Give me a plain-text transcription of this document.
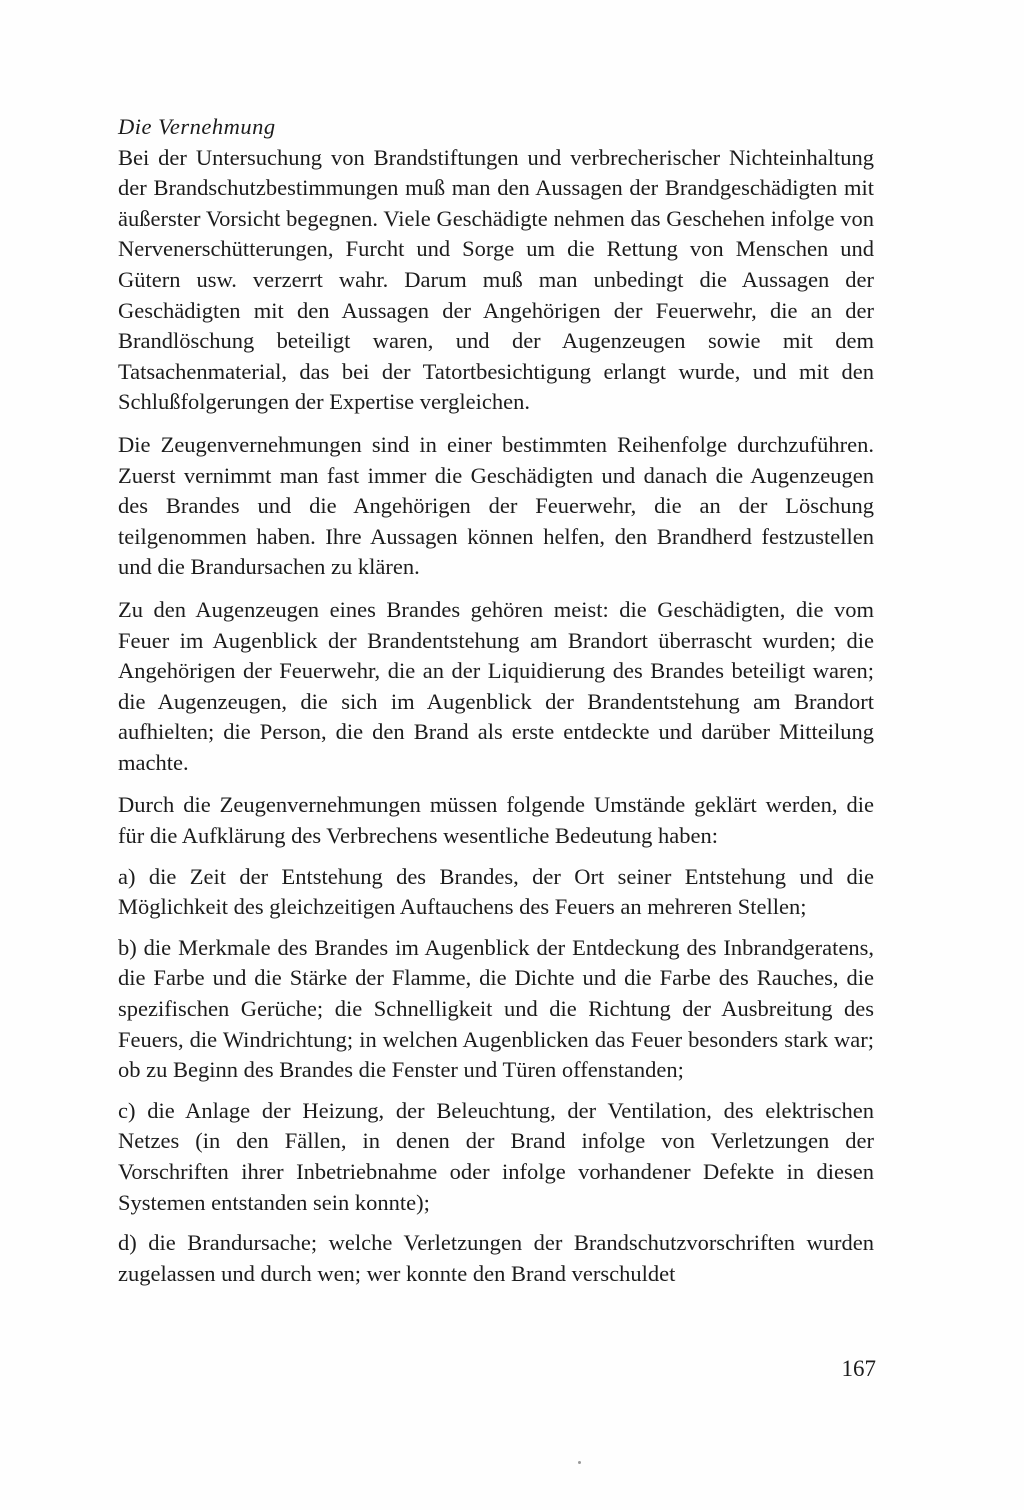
Die Vernehmung

Bei der Untersuchung von Brandstiftungen und verbrecherischer Nichteinhaltung der Brandschutzbestimmungen muß man den Aussagen der Brandgeschädigten mit äußerster Vorsicht begegnen. Viele Geschädigte nehmen das Geschehen infolge von Nervenerschütterungen, Furcht und Sorge um die Rettung von Menschen und Gütern usw. verzerrt wahr. Darum muß man unbedingt die Aussagen der Geschädigten mit den Aussagen der Angehörigen der Feuerwehr, die an der Brandlöschung beteiligt waren, und der Augenzeugen sowie mit dem Tatsachenmaterial, das bei der Tatortbesichtigung erlangt wurde, und mit den Schlußfolgerungen der Expertise vergleichen.

Die Zeugenvernehmungen sind in einer bestimmten Reihenfolge durchzuführen. Zuerst vernimmt man fast immer die Geschädigten und danach die Augenzeugen des Brandes und die Angehörigen der Feuerwehr, die an der Löschung teilgenommen haben. Ihre Aussagen können helfen, den Brandherd festzustellen und die Brandursachen zu klären.

Zu den Augenzeugen eines Brandes gehören meist: die Geschädigten, die vom Feuer im Augenblick der Brandentstehung am Brandort überrascht wurden; die Angehörigen der Feuerwehr, die an der Liquidierung des Brandes beteiligt waren; die Augenzeugen, die sich im Augenblick der Brandentstehung am Brandort aufhielten; die Person, die den Brand als erste entdeckte und darüber Mitteilung machte.

Durch die Zeugenvernehmungen müssen folgende Umstände geklärt werden, die für die Aufklärung des Verbrechens wesentliche Bedeutung haben:

a) die Zeit der Entstehung des Brandes, der Ort seiner Entstehung und die Möglichkeit des gleichzeitigen Auftauchens des Feuers an mehreren Stellen;

b) die Merkmale des Brandes im Augenblick der Entdeckung des Inbrandgeratens, die Farbe und die Stärke der Flamme, die Dichte und die Farbe des Rauches, die spezifischen Gerüche; die Schnelligkeit und die Richtung der Ausbreitung des Feuers, die Windrichtung; in welchen Augenblicken das Feuer besonders stark war; ob zu Beginn des Brandes die Fenster und Türen offenstanden;

c) die Anlage der Heizung, der Beleuchtung, der Ventilation, des elektrischen Netzes (in den Fällen, in denen der Brand infolge von Verletzungen der Vorschriften ihrer Inbetriebnahme oder infolge vorhandener Defekte in diesen Systemen entstanden sein konnte);

d) die Brandursache; welche Verletzungen der Brandschutzvorschriften wurden zugelassen und durch wen; wer konnte den Brand verschuldet

167
